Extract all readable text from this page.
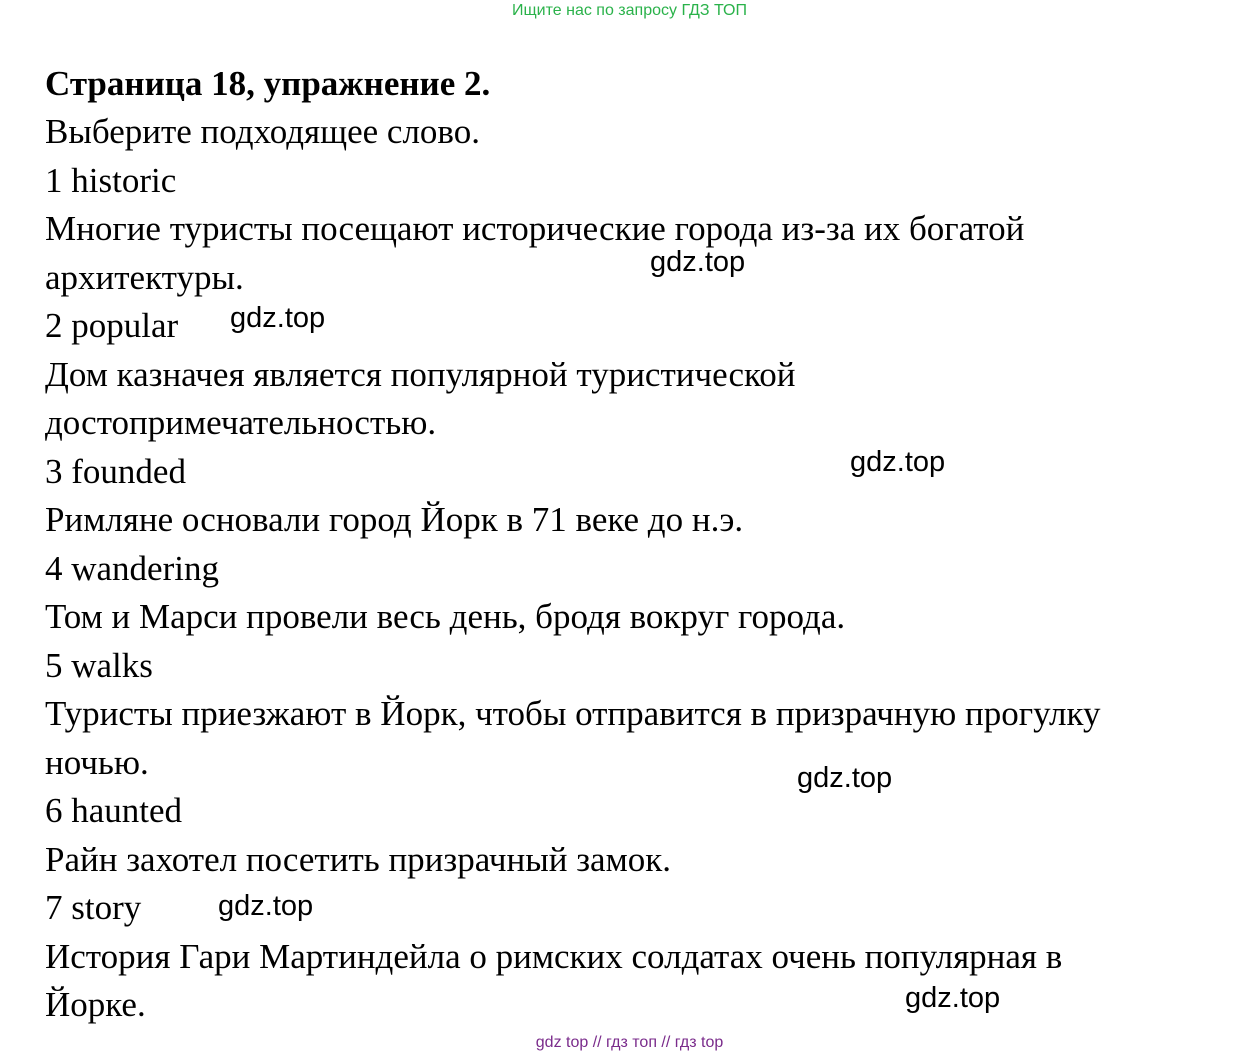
Ищите нас по запросу ГДЗ ТОП

Страница 18, упражнение 2.

Выберите подходящее слово.

1 historic

Многие туристы посещают исторические города из-за их богатой

архитектуры.

2 popular

Дом казначея является популярной туристической

достопримечательностью.

3 founded

Римляне основали город Йорк в 71 веке до н.э.

4 wandering

Том и Марси провели весь день, бродя вокруг города.

5 walks

Туристы приезжают в Йорк, чтобы отправится в призрачную прогулку

ночью.

6 haunted

Райн захотел посетить призрачный замок.

7 story

История Гари Мартиндейла о римских солдатах очень популярная в

Йорке.

gdz.top
gdz.top
gdz.top
gdz.top
gdz.top
gdz.top
gdz top // гдз топ // гдз top
